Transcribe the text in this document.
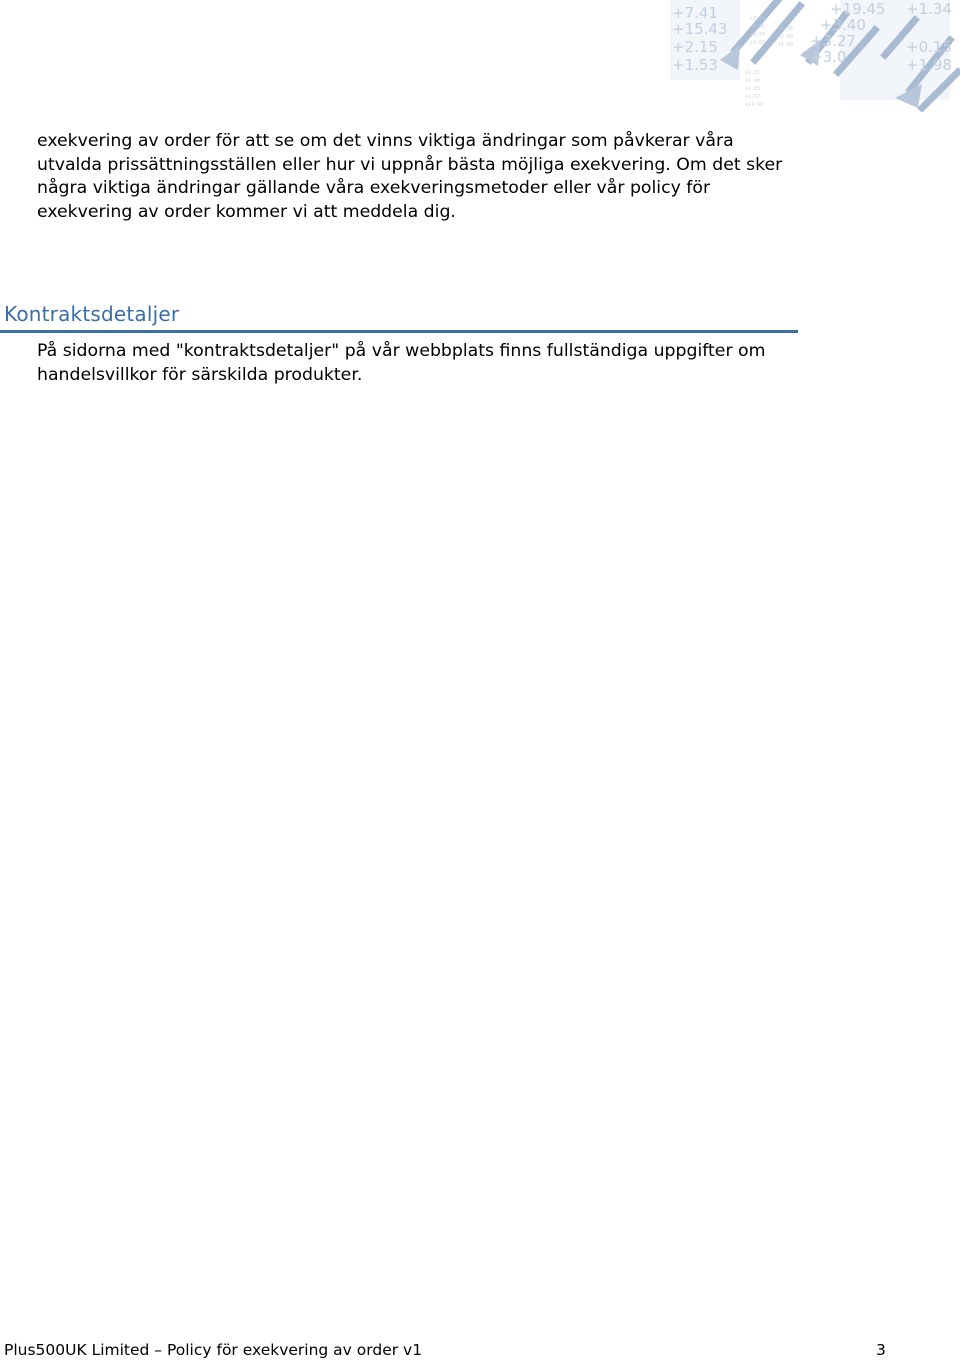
+7.41
+15.43
+2.15
+1.53
+19.45
+3.40
+3.27
+3.0
+1.34
+0.15
+1.98
+1.22
+0.65
+0.47
+1.07
+1.23
+1.40
+1.63
+1.57
+11.40
+1.36
+2.03
+1.03

exekvering av order för att se om det vinns viktiga ändringar som påvkerar våra utvalda prissättningsställen eller hur vi uppnår bästa möjliga exekvering. Om det sker några viktiga ändringar gällande våra exekveringsmetoder eller vår policy för exekvering av order kommer vi att meddela dig.

Kontraktsdetaljer

På sidorna med "kontraktsdetaljer" på vår webbplats finns fullständiga uppgifter om handelsvillkor för särskilda produkter.

Plus500UK Limited – Policy för exekvering av order v1	3
